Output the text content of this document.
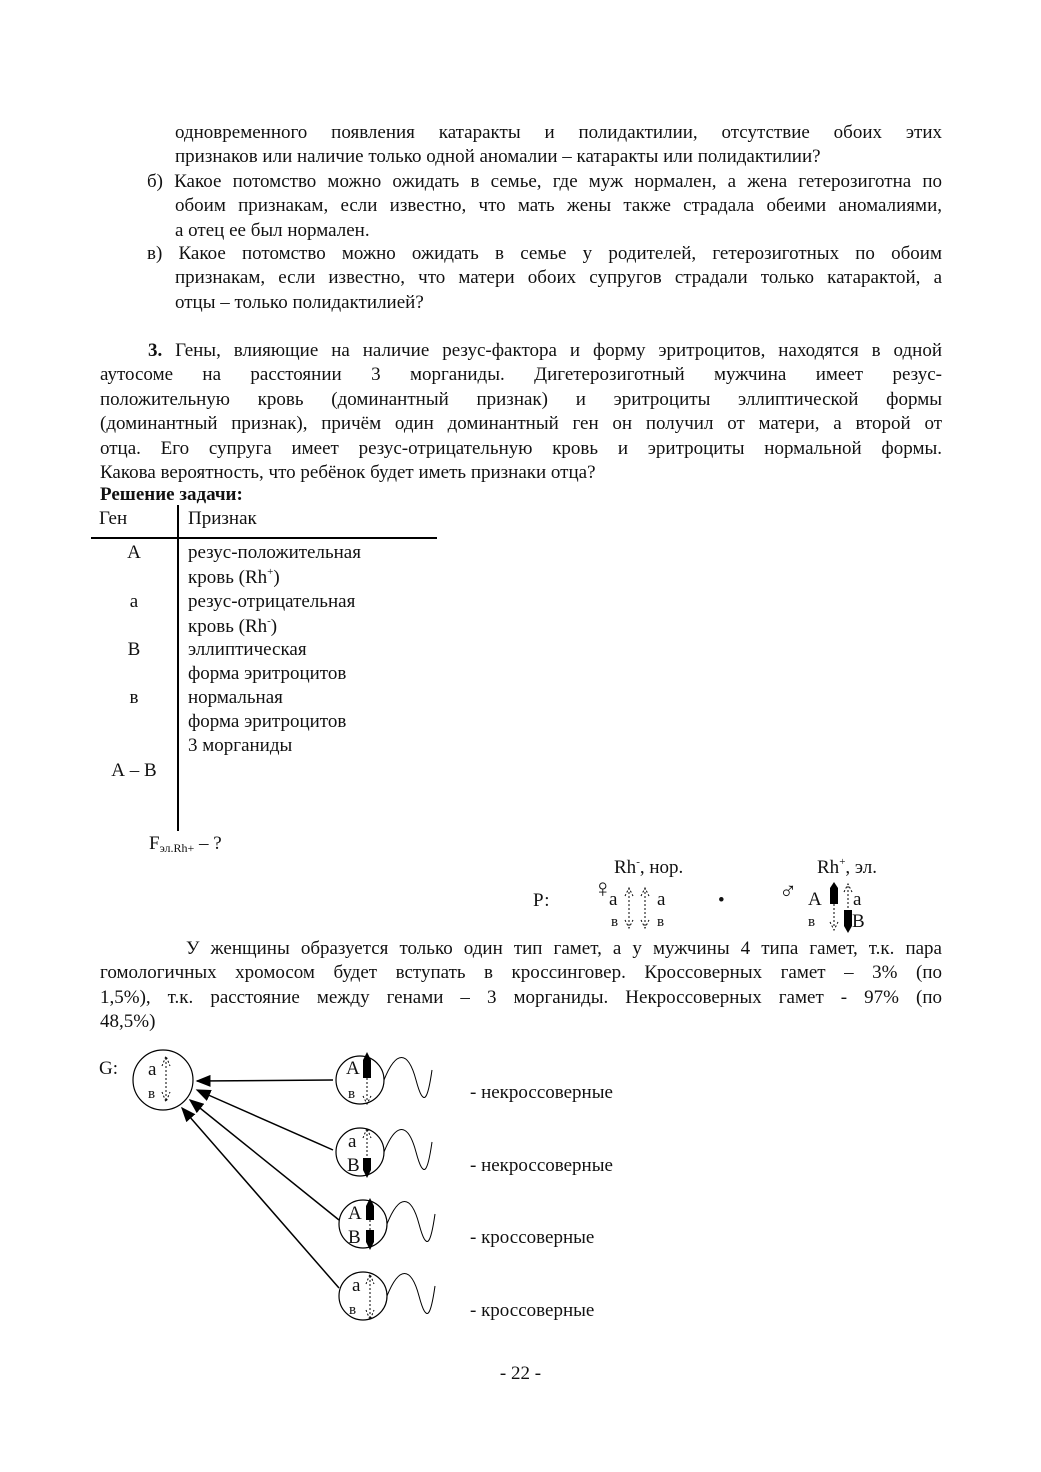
одновременного появления катаракты и полидактилии, отсутствие обоих этих
признаков или наличие только одной аномалии – катаракты или полидактилии?
б) Какое потомство можно ожидать в семье, где муж нормален, а жена гетерозиготна по
обоим признакам, если известно, что мать жены также страдала обеими аномалиями,
а отец ее был нормален.
в) Какое потомство можно ожидать в семье у родителей, гетерозиготных по обоим
признакам, если известно, что матери обоих супругов страдали только катарактой, а
отцы – только полидактилией?
3. Гены, влияющие на наличие резус-фактора и форму эритроцитов, находятся в одной
аутосоме на расстоянии 3 морганиды. Дигетерозиготный мужчина имеет резус-
положительную кровь (доминантный признак) и эритроциты эллиптической формы
(доминантный признак), причём один доминантный ген он получил от матери, а второй от
отца. Его супруга имеет резус-отрицательную кровь и эритроциты нормальной формы.
Какова вероятность, что ребёнок будет иметь признаки отца?
Решение задачи:
Ген	Признак
А	резус-положительная
кровь (Rh+)
а	резус-отрицательная
кровь (Rh-)
В	эллиптическая
форма эритроцитов
в	нормальная
форма эритроцитов
3 морганиды
А – В
$F_{эл.Rh+}$ – ?
Rh-, нор.	Rh+, эл.
Р: ♀
а а
в	в
• ♂ А а
в В
У женщины образуется только один тип гамет, а у мужчины 4 типа гамет, т.к. пара
гомологичных хромосом будет вступать в кроссинговер. Кроссоверных гамет – 3% (по
1,5%), т.к. расстояние между генами – 3 морганиды. Некроссоверных гамет - 97% (по
48,5%)
G: а
в
А
в	- некроссоверные
а
В	- некроссоверные
А
В	- кроссоверные
а
в	- кроссоверные
- 22 -
